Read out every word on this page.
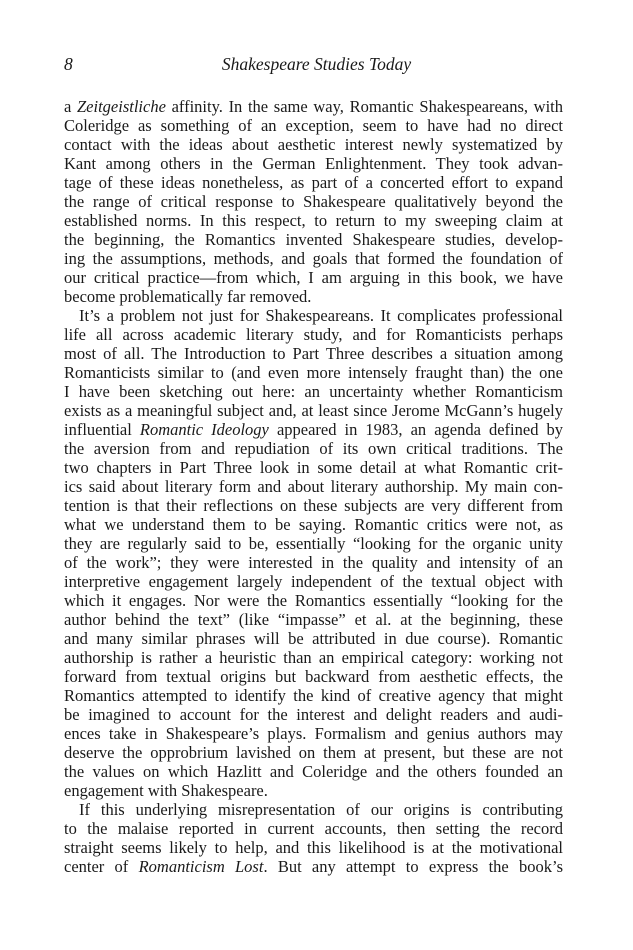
8	Shakespeare Studies Today
a Zeitgeistliche affinity. In the same way, Romantic Shakespeareans, with
Coleridge as something of an exception, seem to have had no direct
contact with the ideas about aesthetic interest newly systematized by
Kant among others in the German Enlightenment. They took advan-
tage of these ideas nonetheless, as part of a concerted effort to expand
the range of critical response to Shakespeare qualitatively beyond the
established norms. In this respect, to return to my sweeping claim at
the beginning, the Romantics invented Shakespeare studies, develop-
ing the assumptions, methods, and goals that formed the foundation of
our critical practice—from which, I am arguing in this book, we have
become problematically far removed.
It’s a problem not just for Shakespeareans. It complicates professional
life all across academic literary study, and for Romanticists perhaps
most of all. The Introduction to Part Three describes a situation among
Romanticists similar to (and even more intensely fraught than) the one
I have been sketching out here: an uncertainty whether Romanticism
exists as a meaningful subject and, at least since Jerome McGann’s hugely
influential Romantic Ideology appeared in 1983, an agenda defined by
the aversion from and repudiation of its own critical traditions. The
two chapters in Part Three look in some detail at what Romantic crit-
ics said about literary form and about literary authorship. My main con-
tention is that their reflections on these subjects are very different from
what we understand them to be saying. Romantic critics were not, as
they are regularly said to be, essentially “looking for the organic unity
of the work”; they were interested in the quality and intensity of an
interpretive engagement largely independent of the textual object with
which it engages. Nor were the Romantics essentially “looking for the
author behind the text” (like “impasse” et al. at the beginning, these
and many similar phrases will be attributed in due course). Romantic
authorship is rather a heuristic than an empirical category: working not
forward from textual origins but backward from aesthetic effects, the
Romantics attempted to identify the kind of creative agency that might
be imagined to account for the interest and delight readers and audi-
ences take in Shakespeare’s plays. Formalism and genius authors may
deserve the opprobrium lavished on them at present, but these are not
the values on which Hazlitt and Coleridge and the others founded an
engagement with Shakespeare.
If this underlying misrepresentation of our origins is contributing
to the malaise reported in current accounts, then setting the record
straight seems likely to help, and this likelihood is at the motivational
center of Romanticism Lost. But any attempt to express the book’s
